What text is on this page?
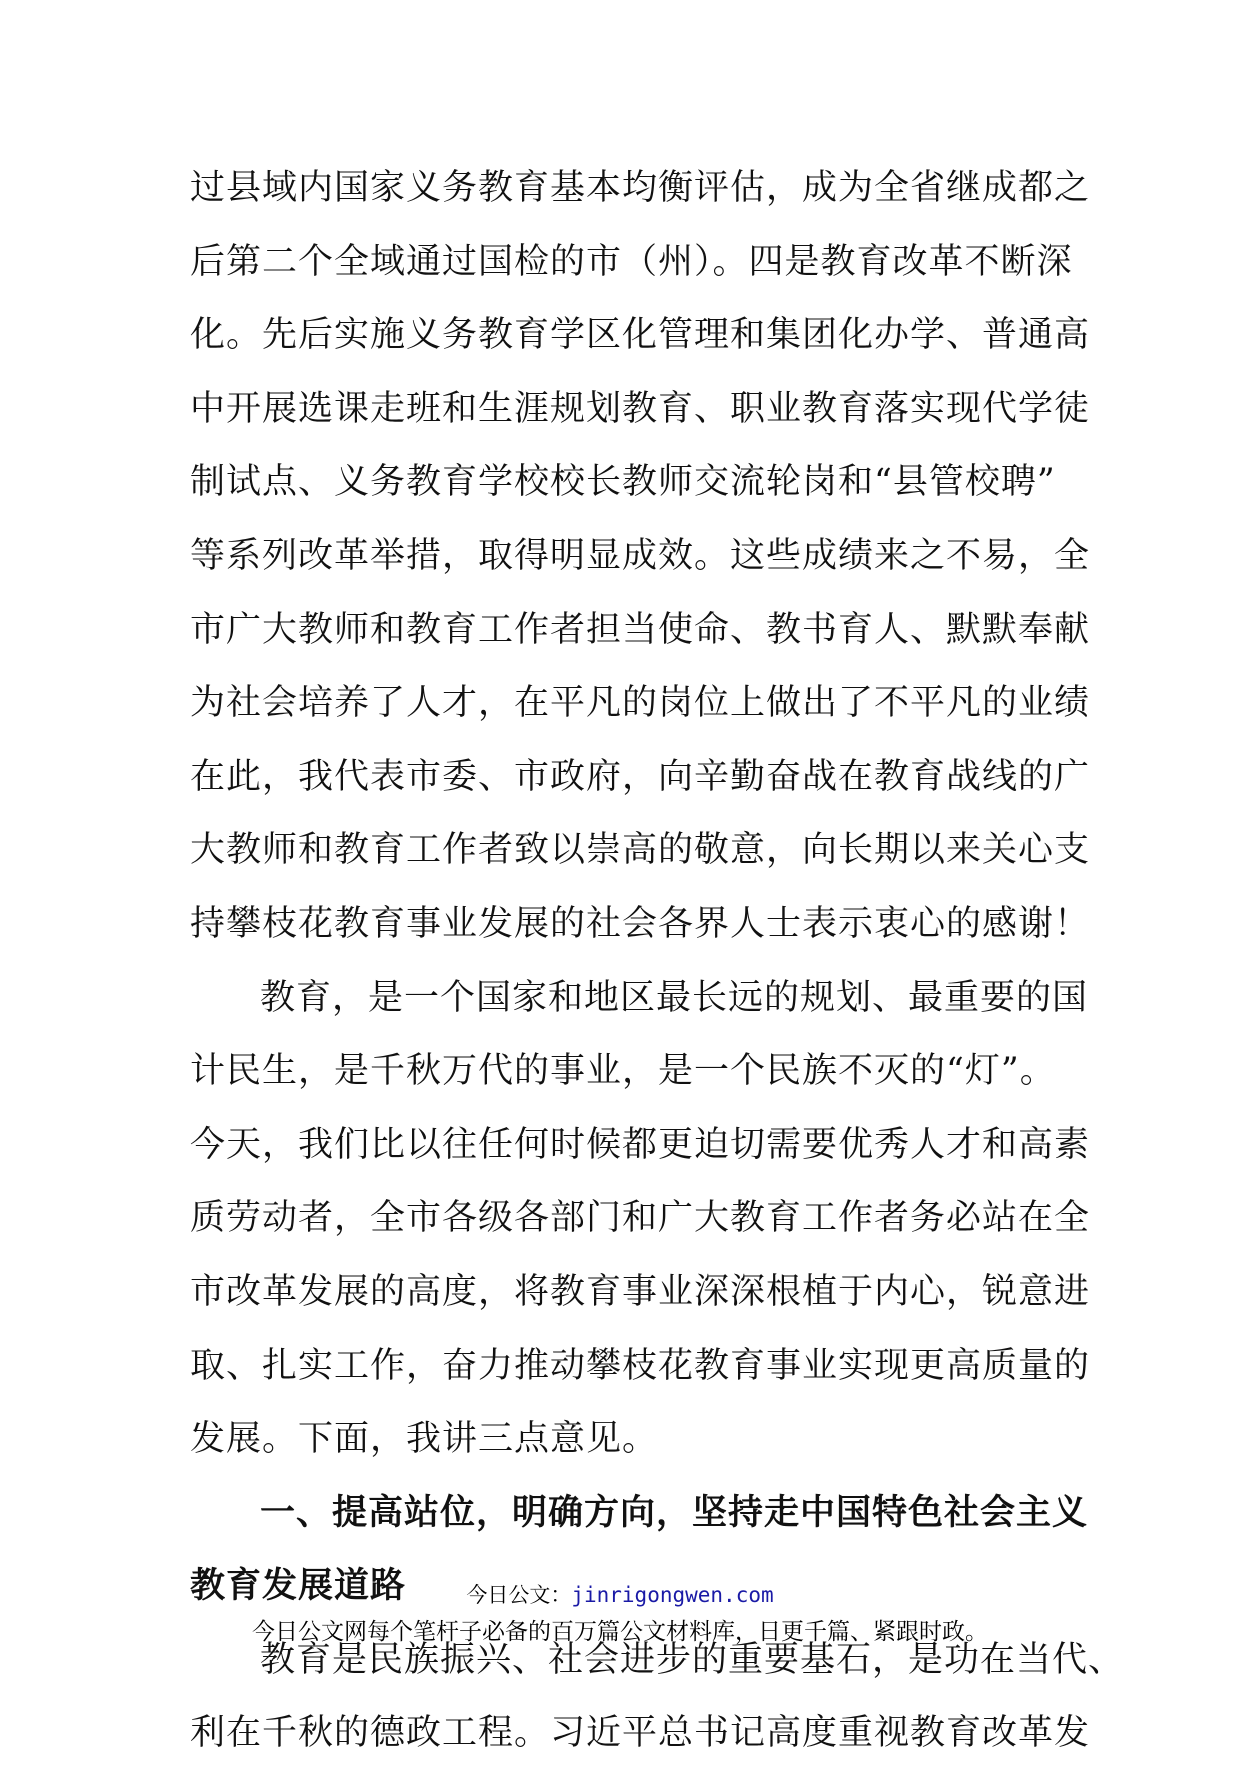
过县域内国家义务教育基本均衡评估，成为全省继成都之
后第二个全域通过国检的市（州）。四是教育改革不断深
化。先后实施义务教育学区化管理和集团化办学、普通高
中开展选课走班和生涯规划教育、职业教育落实现代学徒
制试点、义务教育学校校长教师交流轮岗和“县管校聘”
等系列改革举措，取得明显成效。这些成绩来之不易，全
市广大教师和教育工作者担当使命、教书育人、默默奉献
为社会培养了人才，在平凡的岗位上做出了不平凡的业绩
在此，我代表市委、市政府，向辛勤奋战在教育战线的广
大教师和教育工作者致以崇高的敬意，向长期以来关心支
持攀枝花教育事业发展的社会各界人士表示衷心的感谢！
教育，是一个国家和地区最长远的规划、最重要的国
计民生，是千秋万代的事业，是一个民族不灭的“灯”。
今天，我们比以往任何时候都更迫切需要优秀人才和高素
质劳动者，全市各级各部门和广大教育工作者务必站在全
市改革发展的高度，将教育事业深深根植于内心，锐意进
取、扎实工作，奋力推动攀枝花教育事业实现更高质量的
发展。下面，我讲三点意见。
一、提高站位，明确方向，坚持走中国特色社会主义
教育发展道路
教育是民族振兴、社会进步的重要基石，是功在当代、
利在千秋的德政工程。习近平总书记高度重视教育改革发
今日公文：jinrigongwen.com
今日公文网每个笔杆子必备的百万篇公文材料库，日更千篇、紧跟时政。
